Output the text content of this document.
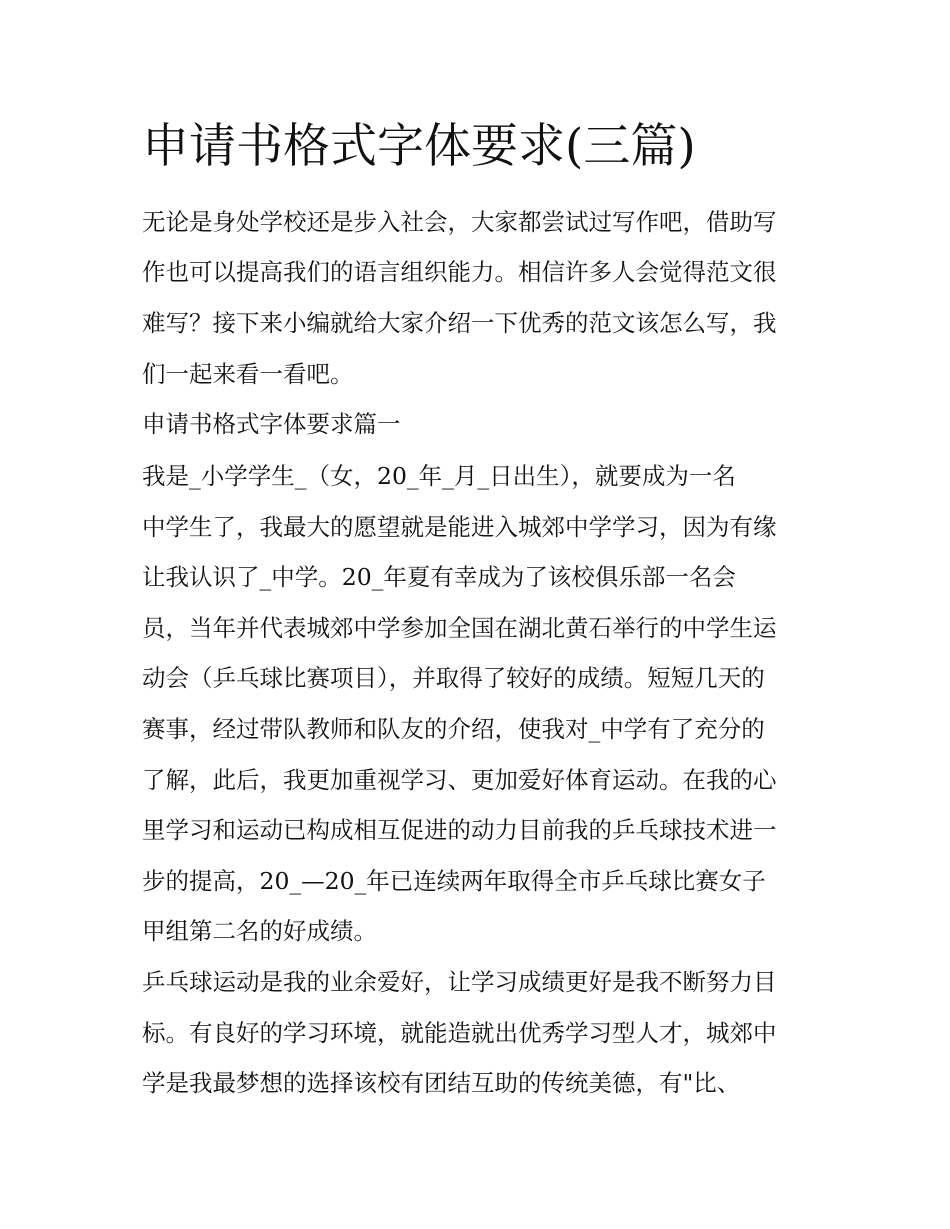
申请书格式字体要求(三篇)

无论是身处学校还是步入社会，大家都尝试过写作吧，借助写

作也可以提高我们的语言组织能力。相信许多人会觉得范文很

难写？接下来小编就给大家介绍一下优秀的范文该怎么写，我

们一起来看一看吧。

申请书格式字体要求篇一

我是_小学学生_（女，20_年_月_日出生），就要成为一名

中学生了，我最大的愿望就是能进入城郊中学学习，因为有缘

让我认识了_中学。20_年夏有幸成为了该校俱乐部一名会

员，当年并代表城郊中学参加全国在湖北黄石举行的中学生运

动会（乒乓球比赛项目），并取得了较好的成绩。短短几天的

赛事，经过带队教师和队友的介绍，使我对_中学有了充分的

了解，此后，我更加重视学习、更加爱好体育运动。在我的心

里学习和运动已构成相互促进的动力目前我的乒乓球技术进一

步的提高，20_—20_年已连续两年取得全市乒乓球比赛女子

甲组第二名的好成绩。

乒乓球运动是我的业余爱好，让学习成绩更好是我不断努力目

标。有良好的学习环境，就能造就出优秀学习型人才，城郊中

学是我最梦想的选择该校有团结互助的传统美德，有"比、
